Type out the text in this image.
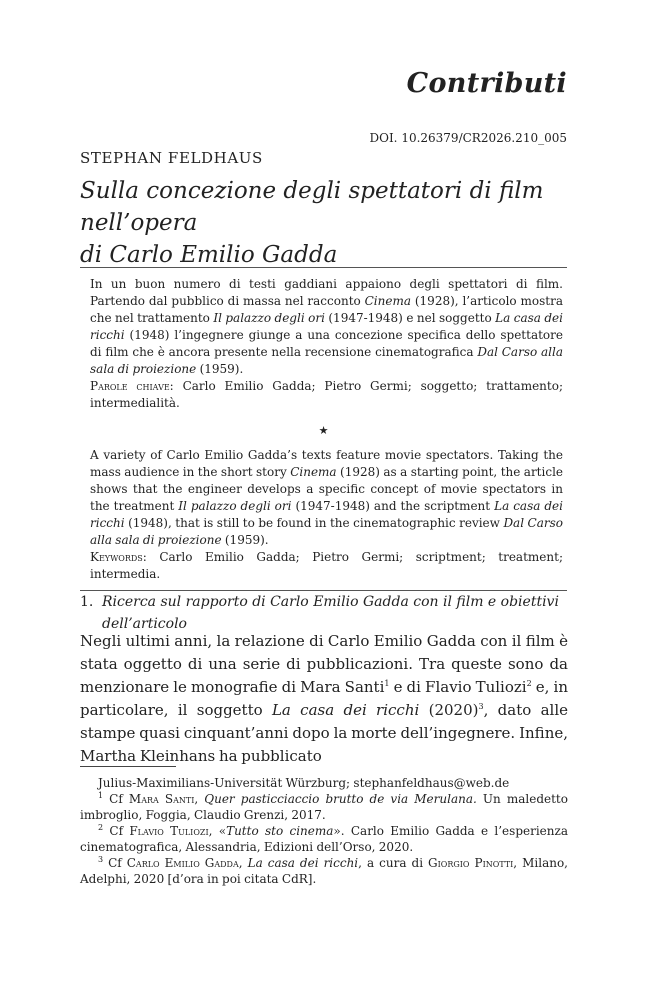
Contributi
DOI. 10.26379/CR2026.210_005
STEPHAN FELDHAUS
Sulla concezione degli spettatori di film nell’opera
di Carlo Emilio Gadda

In un buon numero di testi gaddiani appaiono degli spettatori di film. Partendo dal pubblico di massa nel racconto Cinema (1928), l’articolo mostra che nel trattamento Il palazzo degli ori (1947-1948) e nel soggetto La casa dei ricchi (1948) l’ingegnere giunge a una concezione specifica dello spettatore di film che è ancora presente nella recensione cinematografica Dal Carso alla sala di proiezione (1959).
Parole chiave: Carlo Emilio Gadda; Pietro Germi; soggetto; trattamento; intermedialità.

★

A variety of Carlo Emilio Gadda’s texts feature movie spectators. Taking the mass audience in the short story Cinema (1928) as a starting point, the article shows that the engineer develops a specific concept of movie spectators in the treatment Il palazzo degli ori (1947-1948) and the scriptment La casa dei ricchi (1948), that is still to be found in the cinematographic review Dal Carso alla sala di proiezione (1959).
Keywords: Carlo Emilio Gadda; Pietro Germi; scriptment; treatment; intermedia.

1. Ricerca sul rapporto di Carlo Emilio Gadda con il film e obiettivi dell’articolo
Negli ultimi anni, la relazione di Carlo Emilio Gadda con il film è stata oggetto di una serie di pubblicazioni. Tra queste sono da menzionare le monografie di Mara Santi$^1$ e di Flavio Tuliozi$^2$ e, in particolare, il soggetto La casa dei ricchi $(2020)^3$, dato alle stampe quasi cinquant’anni dopo la morte dell’ingegnere. Infine, Martha Kleinhans ha pubblicato

Julius-Maximilians-Universität Würzburg; stephanfeldhaus@web.de

$^1$ Cf Mara Santi, Quer pasticciaccio brutto de via Merulana. Un maledetto imbroglio, Foggia, Claudio Grenzi, 2017.

$^2$ Cf Flavio Tuliozi, «Tutto sto cinema». Carlo Emilio Gadda e l’esperienza cinematografica, Alessandria, Edizioni dell’Orso, 2020.

$^3$ Cf Carlo Emilio Gadda, La casa dei ricchi, a cura di Giorgio Pinotti, Milano, Adelphi, 2020 [d’ora in poi citata CdR].
